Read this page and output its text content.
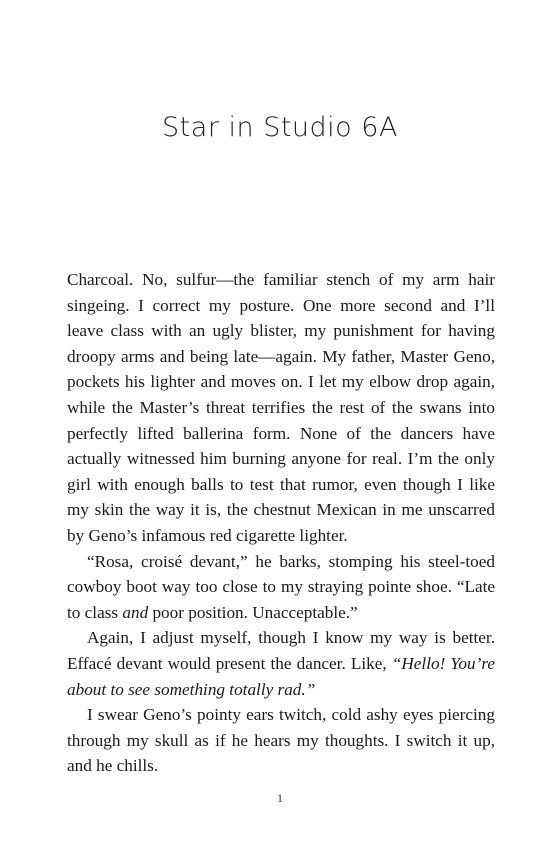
Star in Studio 6A

Charcoal. No, sulfur—the familiar stench of my arm hair singeing. I correct my posture. One more second and I’ll leave class with an ugly blister, my punishment for having droopy arms and being late—again. My father, Master Geno, pockets his lighter and moves on. I let my elbow drop again, while the Master’s threat terrifies the rest of the swans into perfectly lifted ballerina form. None of the dancers have actually witnessed him burning anyone for real. I’m the only girl with enough balls to test that rumor, even though I like my skin the way it is, the chestnut Mexican in me unscarred by Geno’s infamous red cigarette lighter.

“Rosa, croisé devant,” he barks, stomping his steel-toed cowboy boot way too close to my straying pointe shoe. “Late to class and poor position. Unacceptable.”

Again, I adjust myself, though I know my way is better. Effacé devant would present the dancer. Like, “Hello! You’re about to see something totally rad.”

I swear Geno’s pointy ears twitch, cold ashy eyes piercing through my skull as if he hears my thoughts. I switch it up, and he chills.

1
